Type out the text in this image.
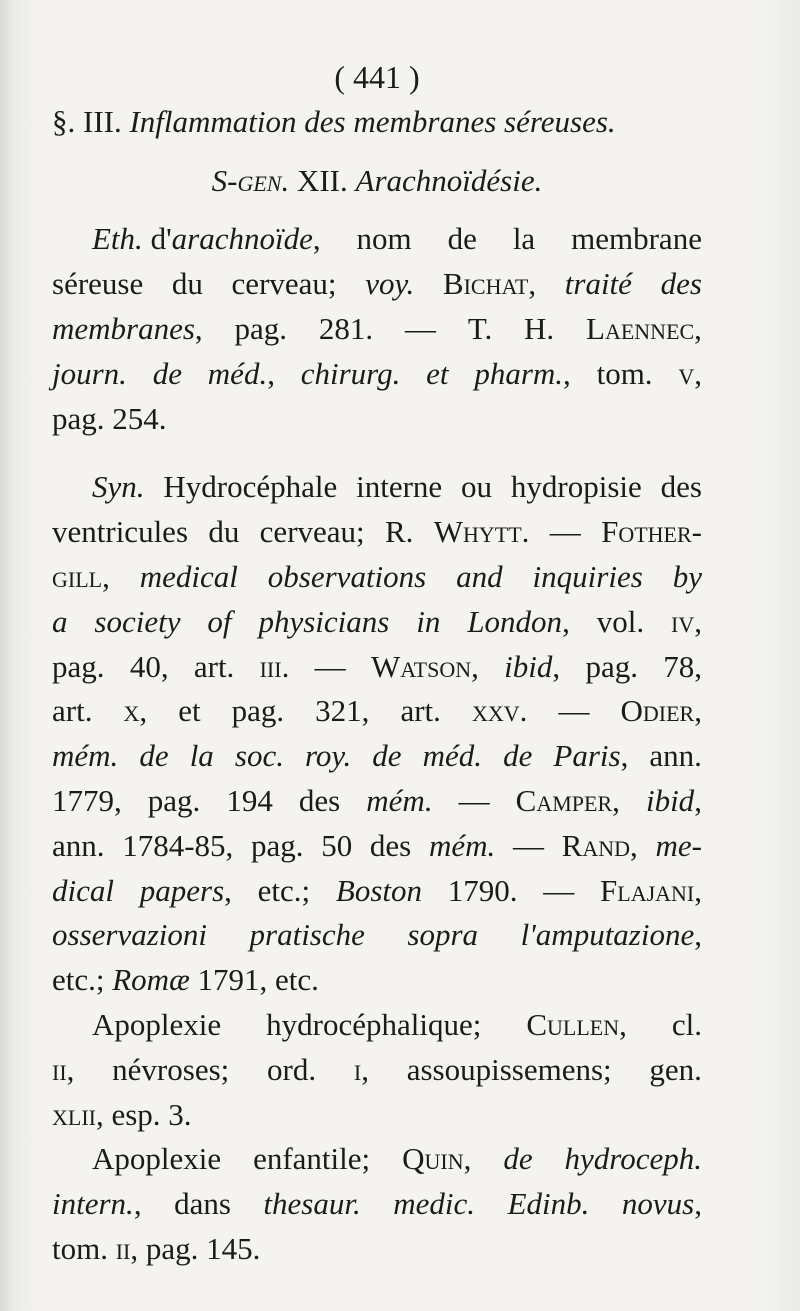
( 441 )
§. III. Inflammation des membranes séreuses.
S-gen. XII. Arachnoïdésie.
Eth. d'arachnoïde, nom de la membrane
séreuse du cerveau; voy. Bichat, traité des
membranes, pag. 281. — T. H. Laennec,
journ. de méd., chirurg. et pharm., tom. v,
pag. 254.
Syn. Hydrocéphale interne ou hydropisie des
ventricules du cerveau; R. Whytt. — Fother-
gill, medical observations and inquiries by
a society of physicians in London, vol. iv,
pag. 40, art. iii. — Watson, ibid, pag. 78,
art. x, et pag. 321, art. xxv. — Odier,
mém. de la soc. roy. de méd. de Paris, ann.
1779, pag. 194 des mém. — Camper, ibid,
ann. 1784-85, pag. 50 des mém. — Rand, me-
dical papers, etc.; Boston 1790. — Flajani,
osservazioni pratische sopra l'amputazione,
etc.; Romæ 1791, etc.
Apoplexie hydrocéphalique; Cullen, cl.
ii, névroses; ord. i, assoupissemens; gen.
xlii, esp. 3.
Apoplexie enfantile; Quin, de hydroceph.
intern., dans thesaur. medic. Edinb. novus,
tom. ii, pag. 145.
